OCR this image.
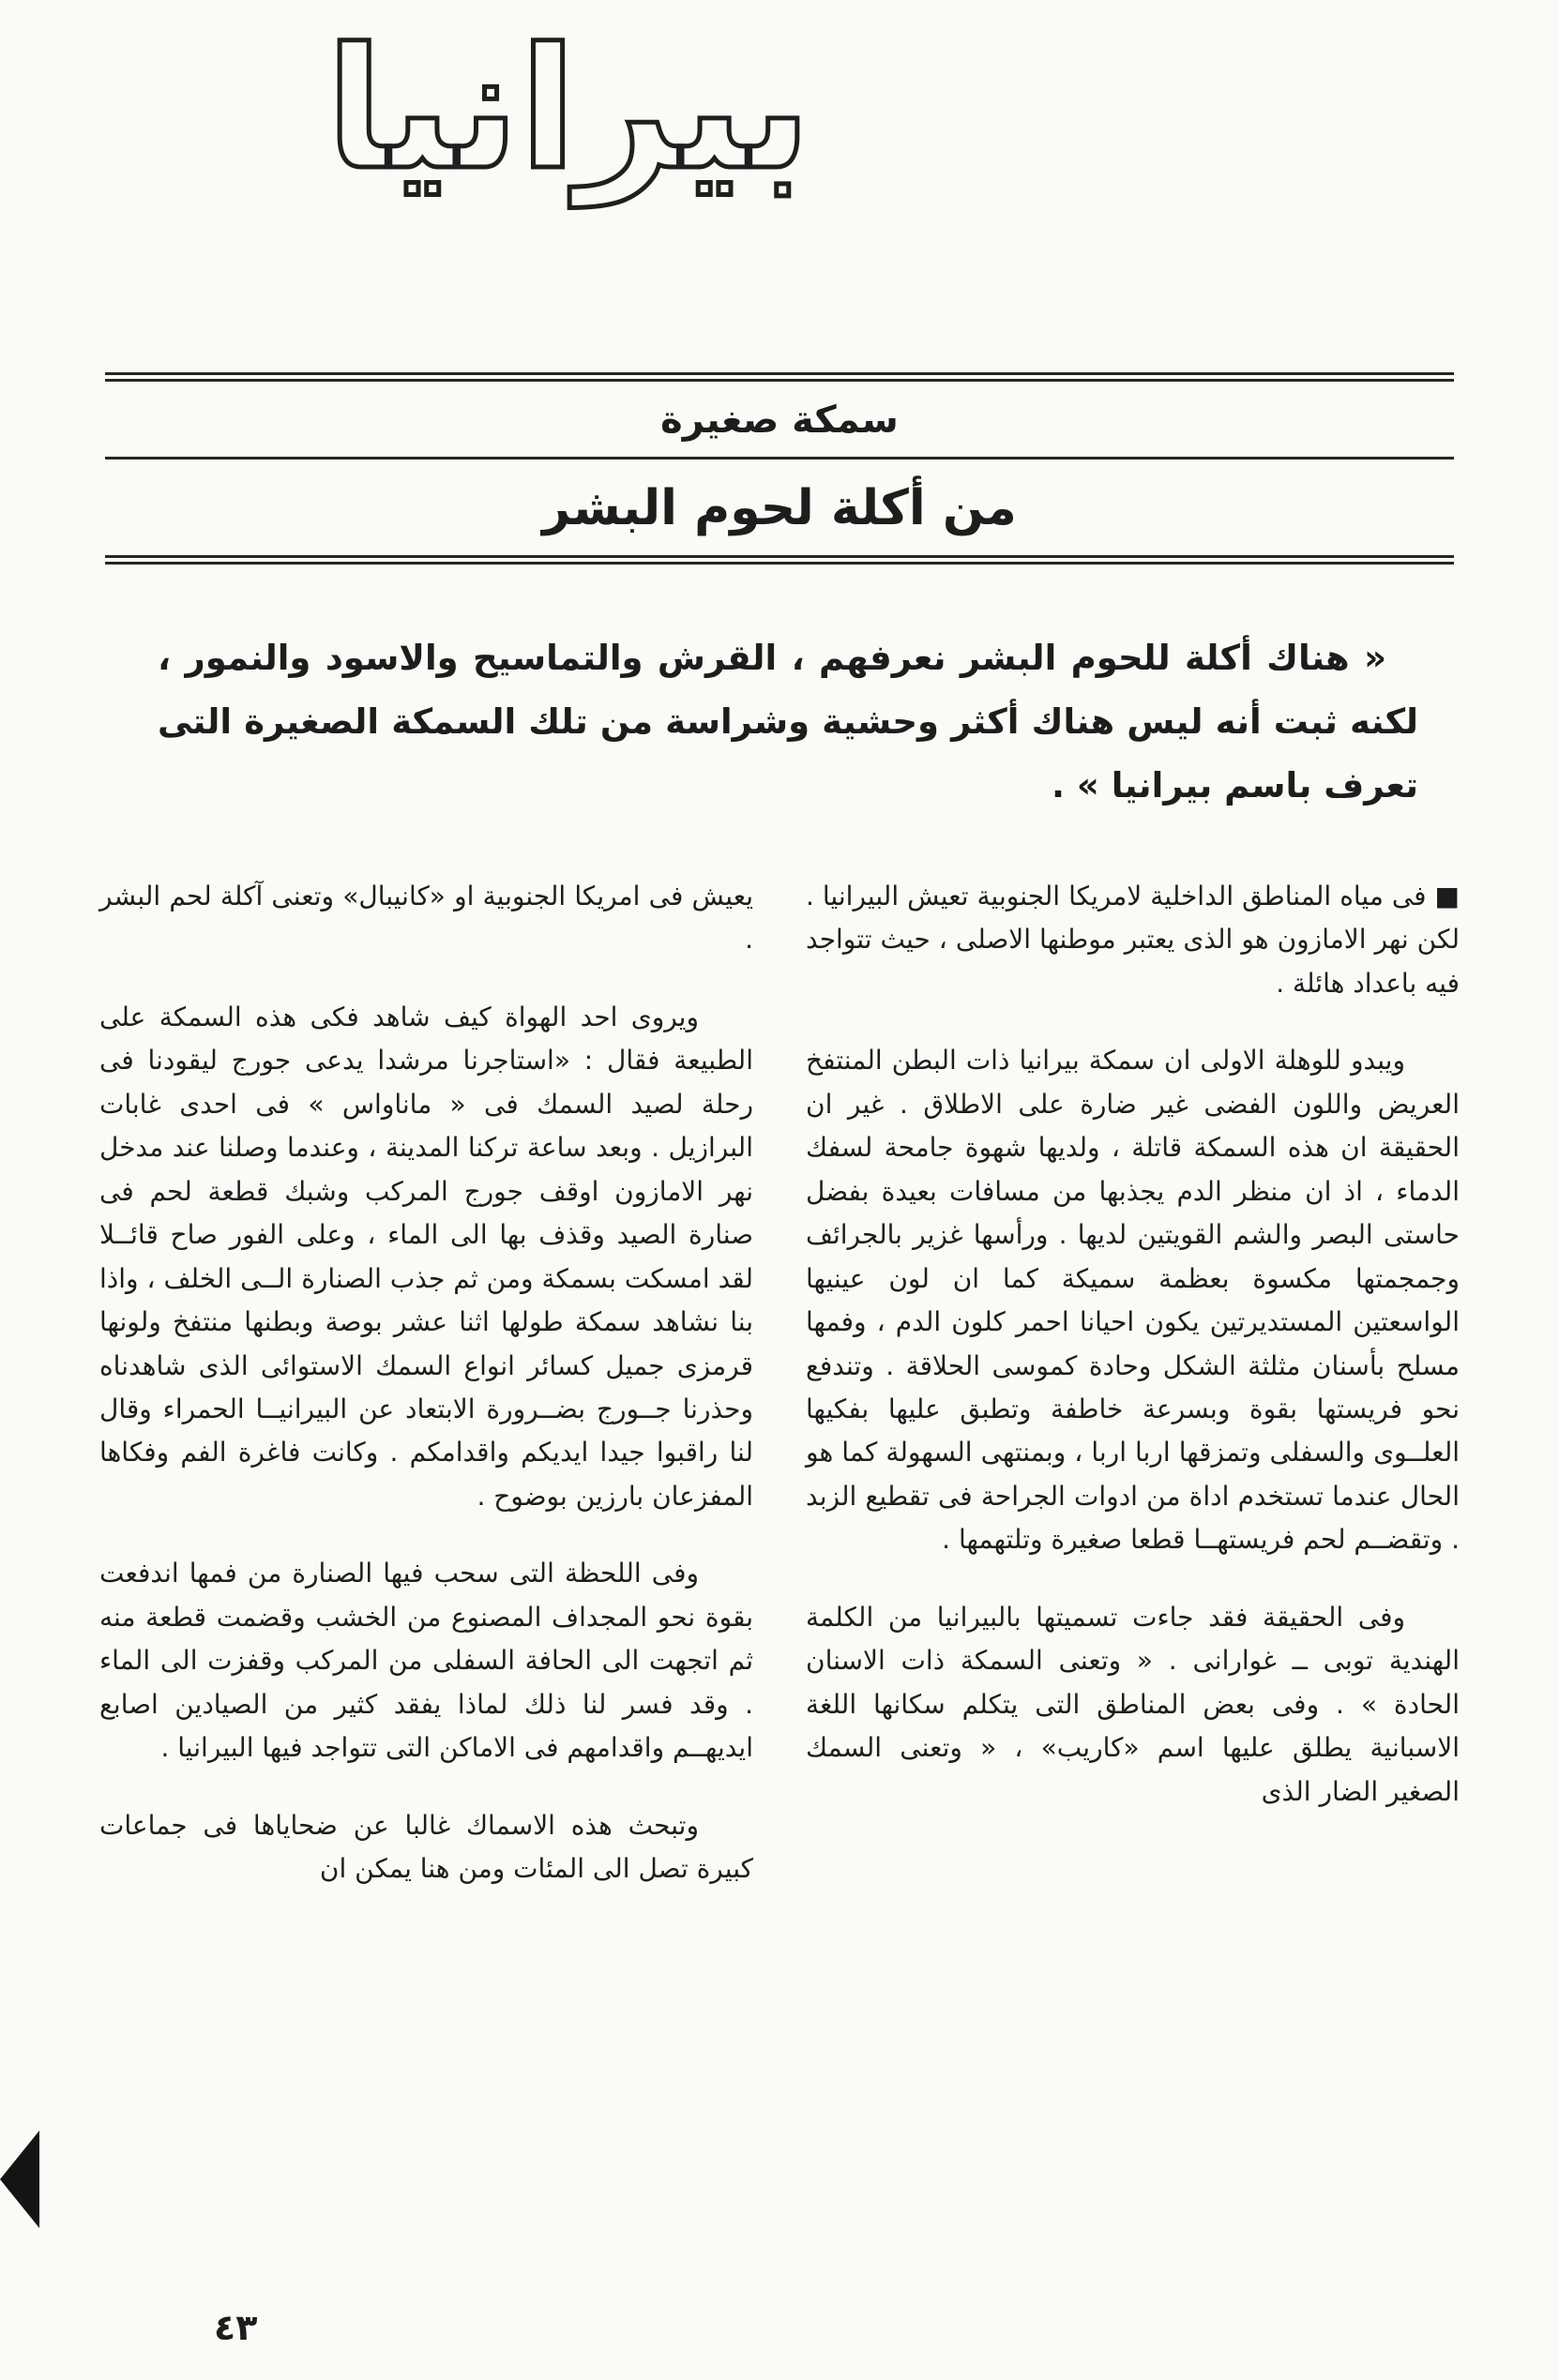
بيرانيا
سمكة صغيرة
من أكلة لحوم البشر

« هناك أكلة للحوم البشر نعرفهم ، القرش والتماسيح والاسود والنمور ، لكنه ثبت أنه ليس هناك أكثر وحشية وشراسة من تلك السمكة الصغيرة التى تعرف باسم بيرانيا » .

■ فى مياه المناطق الداخلية لامريكا الجنوبية تعيش البيرانيا . لكن نهر الامازون هو الذى يعتبر موطنها الاصلى ، حيث تتواجد فيه باعداد هائلة .

ويبدو للوهلة الاولى ان سمكة بيرانيا ذات البطن المنتفخ العريض واللون الفضى غير ضارة على الاطلاق . غير ان الحقيقة ان هذه السمكة قاتلة ، ولديها شهوة جامحة لسفك الدماء ، اذ ان منظر الدم يجذبها من مسافات بعيدة بفضل حاستى البصر والشم القويتين لديها . ورأسها غزير بالجرائف وجمجمتها مكسوة بعظمة سميكة كما ان لون عينيها الواسعتين المستديرتين يكون احيانا احمر كلون الدم ، وفمها مسلح بأسنان مثلثة الشكل وحادة كموسى الحلاقة . وتندفع نحو فريستها بقوة وبسرعة خاطفة وتطبق عليها بفكيها العلــوى والسفلى وتمزقها اربا اربا ، وبمنتهى السهولة كما هو الحال عندما تستخدم اداة من ادوات الجراحة فى تقطيع الزبد . وتقضــم لحم فريستهــا قطعا صغيرة وتلتهمها .

وفى الحقيقة فقد جاءت تسميتها بالبيرانيا من الكلمة الهندية توبى ــ غوارانى . « وتعنى السمكة ذات الاسنان الحادة » . وفى بعض المناطق التى يتكلم سكانها اللغة الاسبانية يطلق عليها اسم «كاريب» ، « وتعنى السمك الصغير الضار الذى

يعيش فى امريكا الجنوبية او «كانيبال» وتعنى آكلة لحم البشر .

ويروى احد الهواة كيف شاهد فكى هذه السمكة على الطبيعة فقال : «استاجرنا مرشدا يدعى جورج ليقودنا فى رحلة لصيد السمك فى « ماناواس » فى احدى غابات البرازيل . وبعد ساعة تركنا المدينة ، وعندما وصلنا عند مدخل نهر الامازون اوقف جورج المركب وشبك قطعة لحم فى صنارة الصيد وقذف بها الى الماء ، وعلى الفور صاح قائــلا لقد امسكت بسمكة ومن ثم جذب الصنارة الــى الخلف ، واذا بنا نشاهد سمكة طولها اثنا عشر بوصة وبطنها منتفخ ولونها قرمزى جميل كسائر انواع السمك الاستوائى الذى شاهدناه وحذرنا جــورج بضــرورة الابتعاد عن البيرانيــا الحمراء وقال لنا راقبوا جيدا ايديكم واقدامكم . وكانت فاغرة الفم وفكاها المفزعان بارزين بوضوح .

وفى اللحظة التى سحب فيها الصنارة من فمها اندفعت بقوة نحو المجداف المصنوع من الخشب وقضمت قطعة منه ثم اتجهت الى الحافة السفلى من المركب وقفزت الى الماء . وقد فسر لنا ذلك لماذا يفقد كثير من الصيادين اصابع ايديهــم واقدامهم فى الاماكن التى تتواجد فيها البيرانيا .

وتبحث هذه الاسماك غالبا عن ضحاياها فى جماعات كبيرة تصل الى المئات ومن هنا يمكن ان

٤٣
